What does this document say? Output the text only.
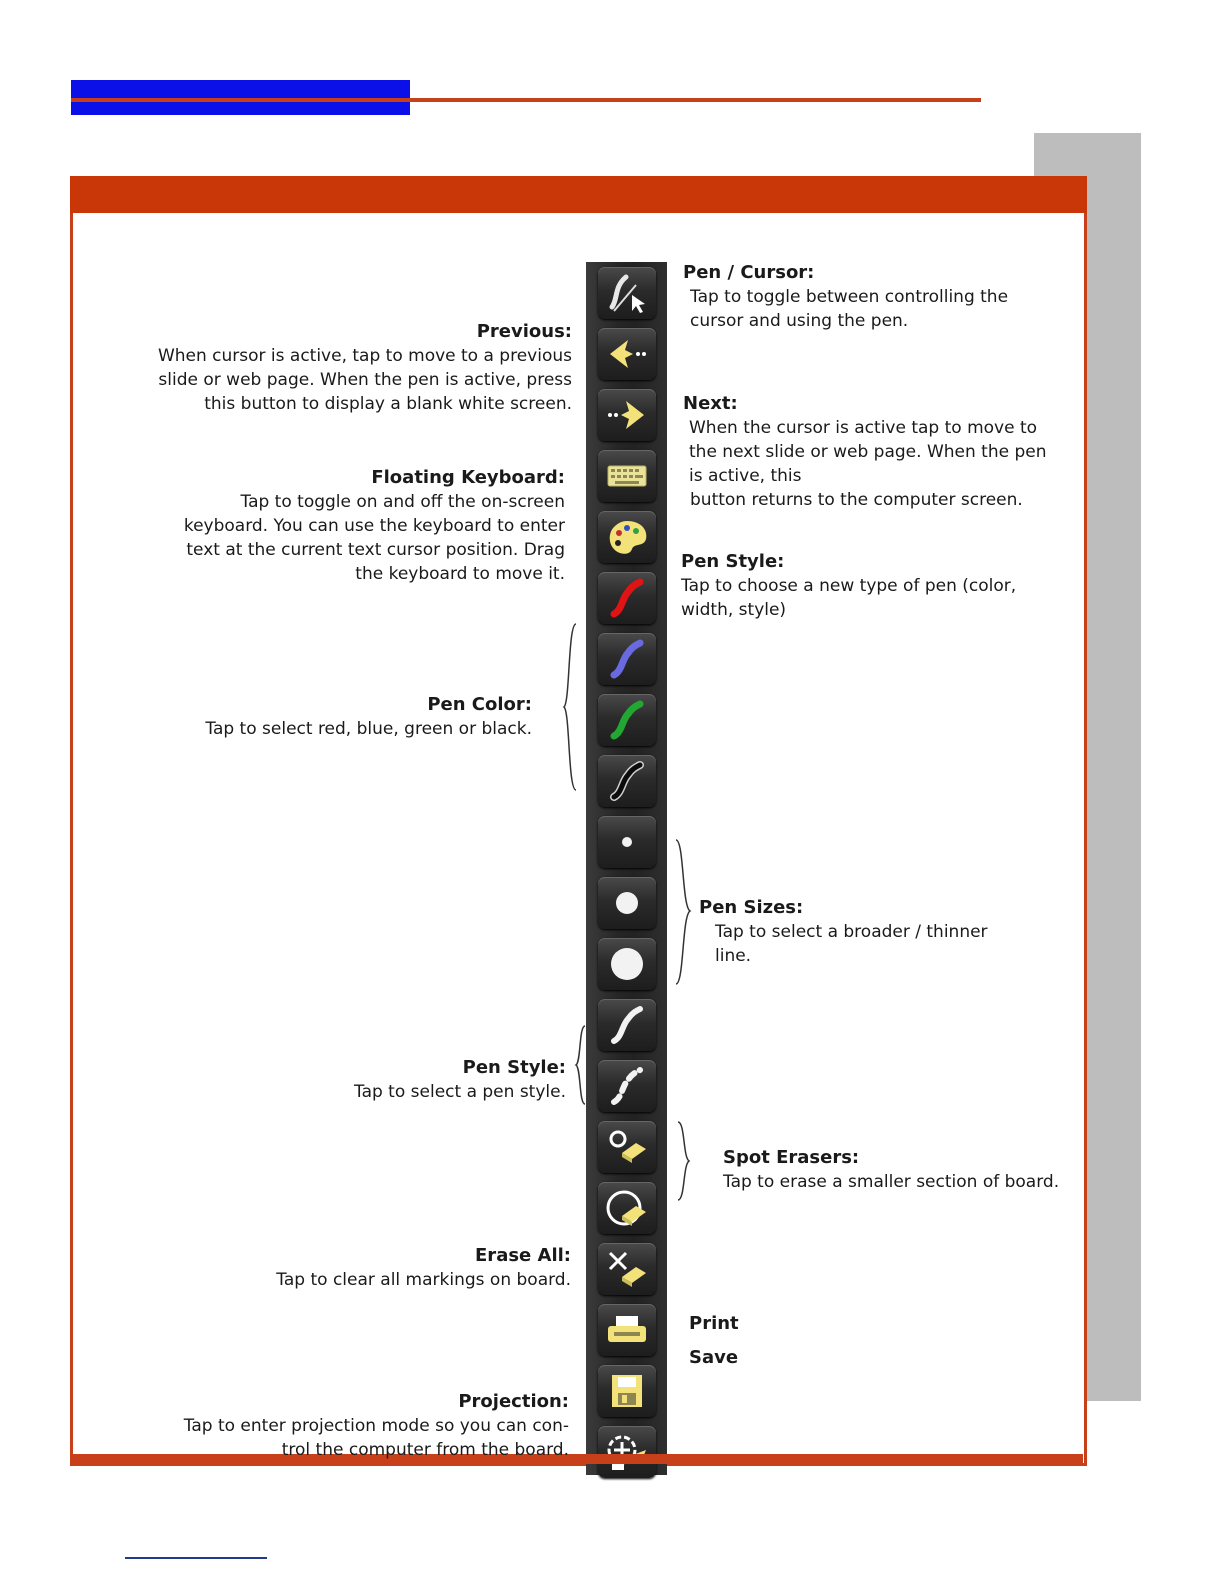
Previous:
When cursor is active, tap to move to a previous
slide or web page. When the pen is active, press
this button to display a blank white screen.
Floating Keyboard:
Tap to toggle on and off the on-screen
keyboard. You can use the keyboard to enter
text at the current text cursor position. Drag
the keyboard to move it.
Pen Color:
Tap to select red, blue, green or black.
Pen Style:
Tap to select a pen style.
Erase All:
Tap to clear all markings on board.
Projection:
Tap to enter projection mode so you can con-
trol the computer from the board.
Pen / Cursor:
Tap to toggle between controlling the
cursor and using the pen.
Next:
When the cursor is active tap to move to
the next slide or web page. When the pen
is active, this
button returns to the computer screen.
Pen Style:
Tap to choose a new type of pen (color,
width, style)
Pen Sizes:
Tap to select a broader / thinner
line.
Spot Erasers:
Tap to erase a smaller section of board.
Print
Save
